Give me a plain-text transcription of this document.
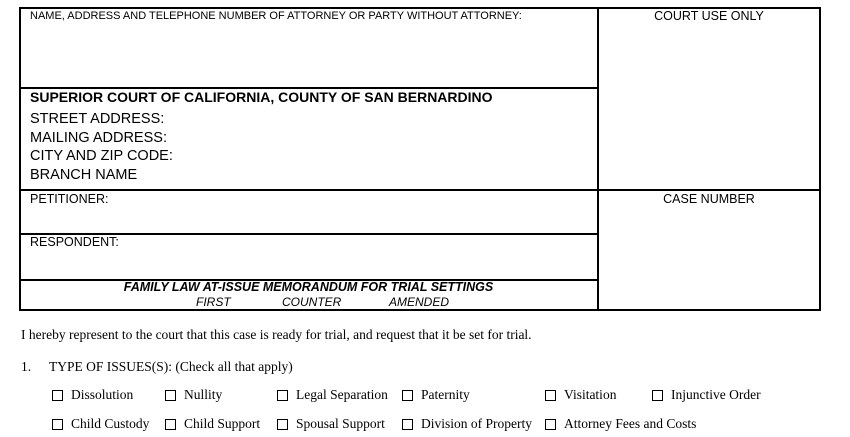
NAME, ADDRESS AND TELEPHONE NUMBER OF ATTORNEY OR PARTY WITHOUT ATTORNEY:	COURT USE ONLY
SUPERIOR COURT OF CALIFORNIA, COUNTY OF SAN BERNARDINO
STREET ADDRESS:
MAILING ADDRESS:
CITY AND ZIP CODE:
BRANCH NAME
PETITIONER:
RESPONDENT:
CASE NUMBER
FAMILY LAW AT-ISSUE MEMORANDUM FOR TRIAL SETTINGS
FIRST	COUNTER	AMENDED
I hereby represent to the court that this case is ready for trial, and request that it be set for trial.
1. TYPE OF ISSUES(S): (Check all that apply)
Dissolution	Nullity	Legal Separation Paternity	Visitation	Injunctive Order
Child Custody	Child Support	Spousal Support	Division of Property Attorney Fees and Costs
